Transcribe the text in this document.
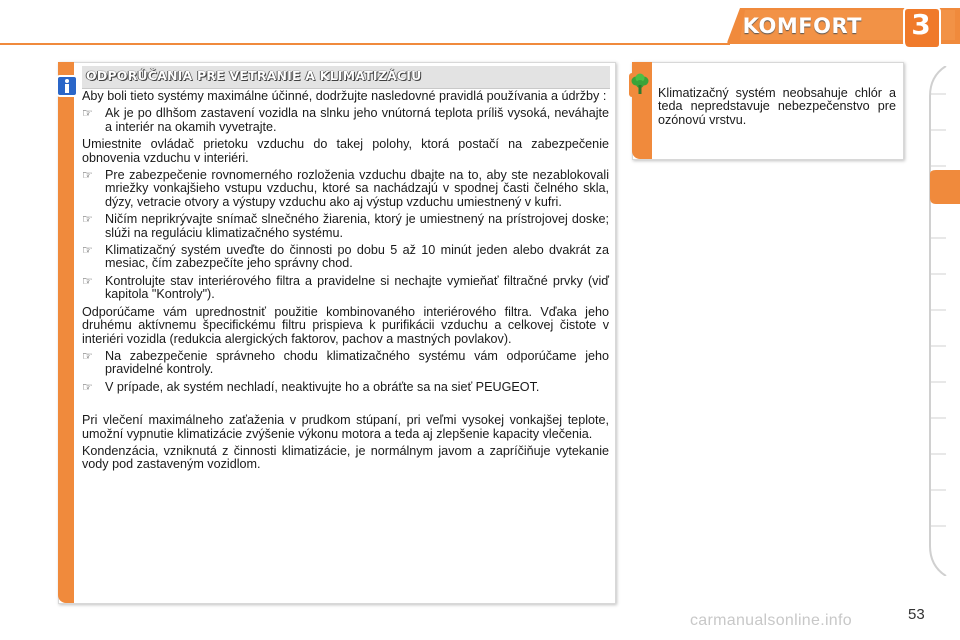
KOMFORT	3
ODPORÚČANIA PRE VETRANIE A KLIMATIZÁCIU

Aby boli tieto systémy maximálne účinné, dodržujte nasledovné pravidlá používania a údržby :

☞ Ak je po dlhšom zastavení vozidla na slnku jeho vnútorná teplota príliš vysoká, neváhajte a interiér na okamih vyvetrajte.

Umiestnite ovládač prietoku vzduchu do takej polohy, ktorá postačí na zabezpečenie obnovenia vzduchu v interiéri.

☞ Pre zabezpečenie rovnomerného rozloženia vzduchu dbajte na to, aby ste nezablokovali mriežky vonkajšieho vstupu vzduchu, ktoré sa nachádzajú v spodnej časti čelného skla, dýzy, vetracie otvory a výstupy vzduchu ako aj výstup vzduchu umiestnený v kufri.
☞ Ničím neprikrývajte snímač slnečného žiarenia, ktorý je umiestnený na prístrojovej doske; slúži na reguláciu klimatizačného systému.
☞ Klimatizačný systém uveďte do činnosti po dobu 5 až 10 minút jeden alebo dvakrát za mesiac, čím zabezpečíte jeho správny chod.
☞ Kontrolujte stav interiérového filtra a pravidelne si nechajte vymieňať filtračné prvky (viď kapitola "Kontroly").

Odporúčame vám uprednostniť použitie kombinovaného interiérového filtra. Vďaka jeho druhému aktívnemu špecifickému filtru prispieva k purifikácii vzduchu a celkovej čistote v interiéri vozidla (redukcia alergických faktorov, pachov a mastných povlakov).

☞ Na zabezpečenie správneho chodu klimatizačného systému vám odporúčame jeho pravidelné kontroly.
☞ V prípade, ak systém nechladí, neaktivujte ho a obráťte sa na sieť PEUGEOT.

Pri vlečení maximálneho zaťaženia v prudkom stúpaní, pri veľmi vysokej vonkajšej teplote, umožní vypnutie klimatizácie zvýšenie výkonu motora a teda aj zlepšenie kapacity vlečenia.

Kondenzácia, vzniknutá z činnosti klimatizácie, je normálnym javom a zapríčiňuje vytekanie vody pod zastaveným vozidlom.

Klimatizačný systém neobsahuje chlór a teda nepredstavuje nebezpečenstvo pre ozónovú vrstvu.
53
carmanualsonline.info
